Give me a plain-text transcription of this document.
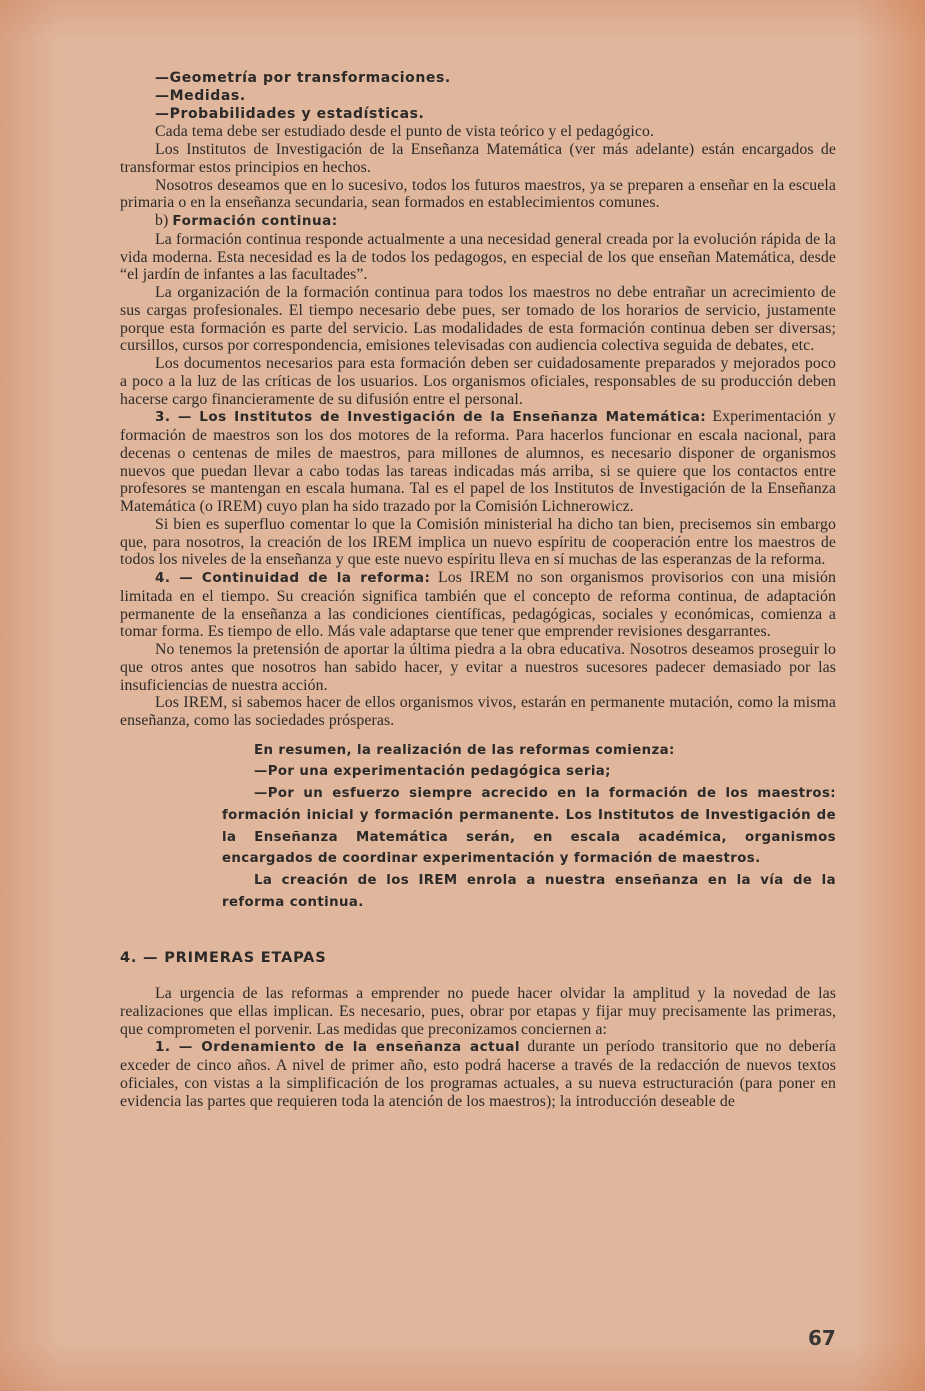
—Geometría por transformaciones.

—Medidas.

—Probabilidades y estadísticas.

Cada tema debe ser estudiado desde el punto de vista teórico y el pedagógico.

Los Institutos de Investigación de la Enseñanza Matemática (ver más adelante) están encargados de transformar estos principios en hechos.

Nosotros deseamos que en lo sucesivo, todos los futuros maestros, ya se preparen a enseñar en la escuela primaria o en la enseñanza secundaria, sean formados en establecimientos comunes.

b) Formación continua:

La formación continua responde actualmente a una necesidad general creada por la evolución rápida de la vida moderna. Esta necesidad es la de todos los pedagogos, en especial de los que enseñan Matemática, desde “el jardín de infantes a las facultades”.

La organización de la formación continua para todos los maestros no debe entrañar un acrecimiento de sus cargas profesionales. El tiempo necesario debe pues, ser tomado de los horarios de servicio, justamente porque esta formación es parte del servicio. Las modalidades de esta formación continua deben ser diversas; cursillos, cursos por correspondencia, emisiones televisadas con audiencia colectiva seguida de debates, etc.

Los documentos necesarios para esta formación deben ser cuidadosamente preparados y mejorados poco a poco a la luz de las críticas de los usuarios. Los organismos oficiales, responsables de su producción deben hacerse cargo financieramente de su difusión entre el personal.

3. — Los Institutos de Investigación de la Enseñanza Matemática: Experimentación y formación de maestros son los dos motores de la reforma. Para hacerlos funcionar en escala nacional, para decenas o centenas de miles de maestros, para millones de alumnos, es necesario disponer de organismos nuevos que puedan llevar a cabo todas las tareas indicadas más arriba, si se quiere que los contactos entre profesores se mantengan en escala humana. Tal es el papel de los Institutos de Investigación de la Enseñanza Matemática (o IREM) cuyo plan ha sido trazado por la Comisión Lichnerowicz.

Si bien es superfluo comentar lo que la Comisión ministerial ha dicho tan bien, precisemos sin embargo que, para nosotros, la creación de los IREM implica un nuevo espíritu de cooperación entre los maestros de todos los niveles de la enseñanza y que este nuevo espíritu lleva en sí muchas de las esperanzas de la reforma.

4. — Continuidad de la reforma: Los IREM no son organismos provisorios con una misión limitada en el tiempo. Su creación significa también que el concepto de reforma continua, de adaptación permanente de la enseñanza a las condiciones científicas, pedagógicas, sociales y económicas, comienza a tomar forma. Es tiempo de ello. Más vale adaptarse que tener que emprender revisiones desgarrantes.

No tenemos la pretensión de aportar la última piedra a la obra educativa. Nosotros deseamos proseguir lo que otros antes que nosotros han sabido hacer, y evitar a nuestros sucesores padecer demasiado por las insuficiencias de nuestra acción.

Los IREM, si sabemos hacer de ellos organismos vivos, estarán en permanente mutación, como la misma enseñanza, como las sociedades prósperas.

En resumen, la realización de las reformas comienza:

—Por una experimentación pedagógica seria;

—Por un esfuerzo siempre acrecido en la formación de los maestros: formación inicial y formación permanente. Los Institutos de Investigación de la Enseñanza Matemática serán, en escala académica, organismos encargados de coordinar experimentación y formación de maestros.

La creación de los IREM enrola a nuestra enseñanza en la vía de la reforma continua.

4. — PRIMERAS ETAPAS

La urgencia de las reformas a emprender no puede hacer olvidar la amplitud y la novedad de las realizaciones que ellas implican. Es necesario, pues, obrar por etapas y fijar muy precisamente las primeras, que comprometen el porvenir. Las medidas que preconizamos conciernen a:

1. — Ordenamiento de la enseñanza actual durante un período transitorio que no debería exceder de cinco años. A nivel de primer año, esto podrá hacerse a través de la redacción de nuevos textos oficiales, con vistas a la simplificación de los programas actuales, a su nueva estructuración (para poner en evidencia las partes que requieren toda la atención de los maestros); la introducción deseable de

67
